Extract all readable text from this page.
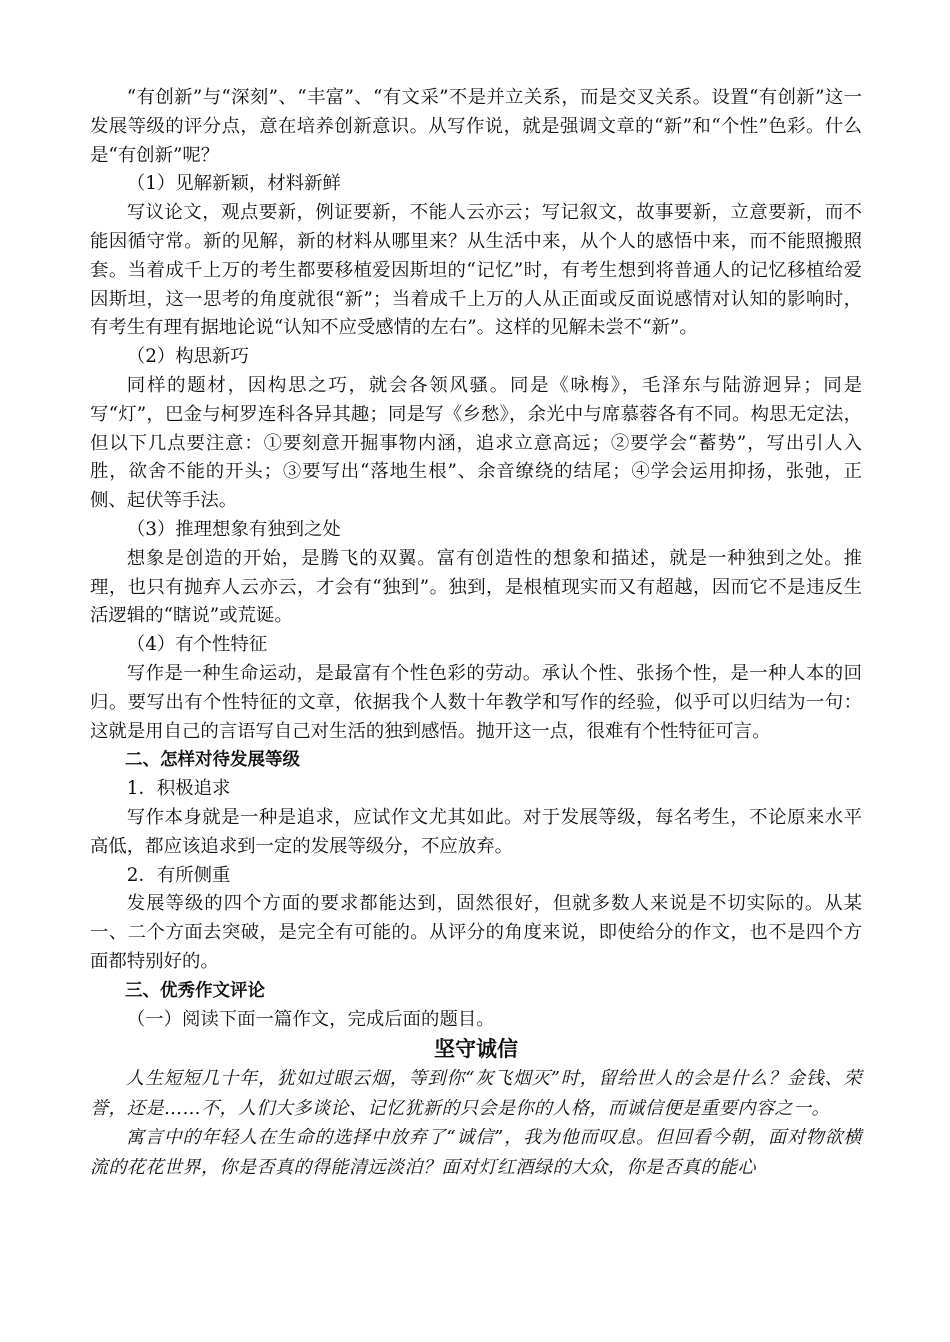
“有创新”与“深刻”、“丰富”、“有文采”不是并立关系，而是交叉关系。设置“有创新”这一发展等级的评分点，意在培养创新意识。从写作说，就是强调文章的“新”和“个性”色彩。什么是“有创新”呢？

（1）见解新颖，材料新鲜

写议论文，观点要新，例证要新，不能人云亦云；写记叙文，故事要新，立意要新，而不能因循守常。新的见解，新的材料从哪里来？从生活中来，从个人的感悟中来，而不能照搬照套。当着成千上万的考生都要移植爱因斯坦的“记忆”时，有考生想到将普通人的记忆移植给爱因斯坦，这一思考的角度就很“新”；当着成千上万的人从正面或反面说感情对认知的影响时，有考生有理有据地论说“认知不应受感情的左右”。这样的见解未尝不“新”。

（2）构思新巧

同样的题材，因构思之巧，就会各领风骚。同是《咏梅》，毛泽东与陆游迥异；同是写“灯”，巴金与柯罗连科各异其趣；同是写《乡愁》，余光中与席慕蓉各有不同。构思无定法，但以下几点要注意：①要刻意开掘事物内涵，追求立意高远；②要学会“蓄势”，写出引人入胜，欲舍不能的开头；③要写出“落地生根”、余音缭绕的结尾；④学会运用抑扬，张弛，正侧、起伏等手法。

（3）推理想象有独到之处

想象是创造的开始，是腾飞的双翼。富有创造性的想象和描述，就是一种独到之处。推理，也只有抛弃人云亦云，才会有“独到”。独到，是根植现实而又有超越，因而它不是违反生活逻辑的“瞎说”或荒诞。

（4）有个性特征

写作是一种生命运动，是最富有个性色彩的劳动。承认个性、张扬个性，是一种人本的回归。要写出有个性特征的文章，依据我个人数十年教学和写作的经验，似乎可以归结为一句：这就是用自己的言语写自己对生活的独到感悟。抛开这一点，很难有个性特征可言。

二、怎样对待发展等级

1．积极追求

写作本身就是一种是追求，应试作文尤其如此。对于发展等级，每名考生，不论原来水平高低，都应该追求到一定的发展等级分，不应放弃。

2．有所侧重

发展等级的四个方面的要求都能达到，固然很好，但就多数人来说是不切实际的。从某一、二个方面去突破，是完全有可能的。从评分的角度来说，即使给分的作文，也不是四个方面都特别好的。

三、优秀作文评论

（一）阅读下面一篇作文，完成后面的题目。

坚守诚信

人生短短几十年，犹如过眼云烟，等到你“灰飞烟灭”时，留给世人的会是什么？金钱、荣誉，还是……不，人们大多谈论、记忆犹新的只会是你的人格，而诚信便是重要内容之一。

寓言中的年轻人在生命的选择中放弃了“诚信”，我为他而叹息。但回看今朝，面对物欲横流的花花世界，你是否真的得能清远淡泊？面对灯红酒绿的大众，你是否真的能心
